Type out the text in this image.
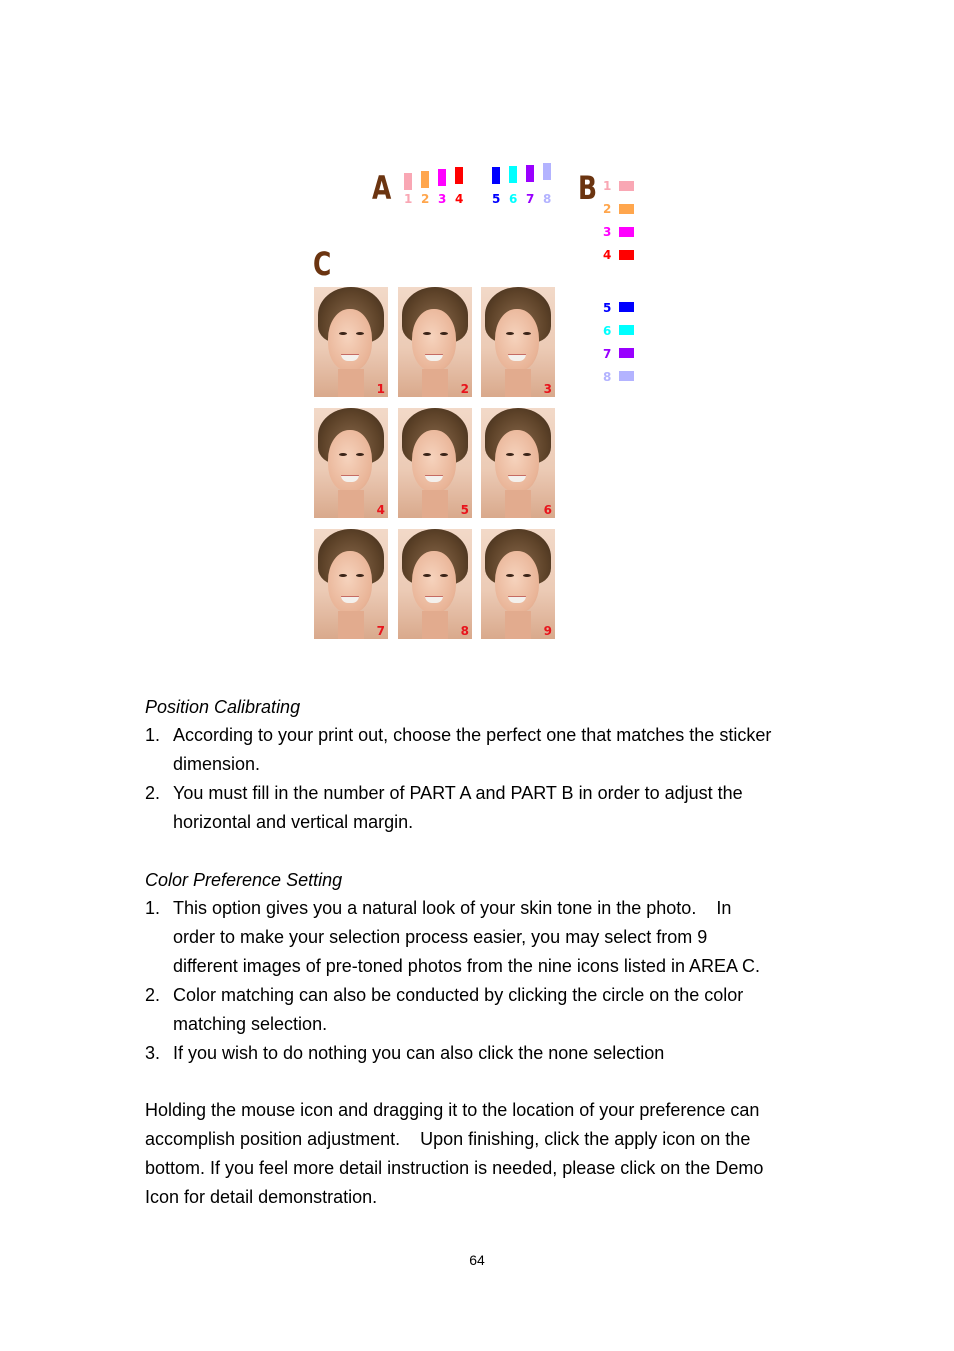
A 1 2 3 4 5 6 7 8 B 1
2
3
4
5
6
7
8
C
1	2	3
4	5	6
7	8	9
Position Calibrating
1. According to your print out, choose the perfect one that matches the sticker
dimension.
2. You must fill in the number of PART A and PART B in order to adjust the
horizontal and vertical margin.
Color Preference Setting
1. This option gives you a natural look of your skin tone in the photo.    In
order to make your selection process easier, you may select from 9
different images of pre-toned photos from the nine icons listed in AREA C.
2. Color matching can also be conducted by clicking the circle on the color
matching selection.
3. If you wish to do nothing you can also click the none selection
Holding the mouse icon and dragging it to the location of your preference can
accomplish position adjustment.    Upon finishing, click the apply icon on the
bottom. If you feel more detail instruction is needed, please click on the Demo
Icon for detail demonstration.
64
